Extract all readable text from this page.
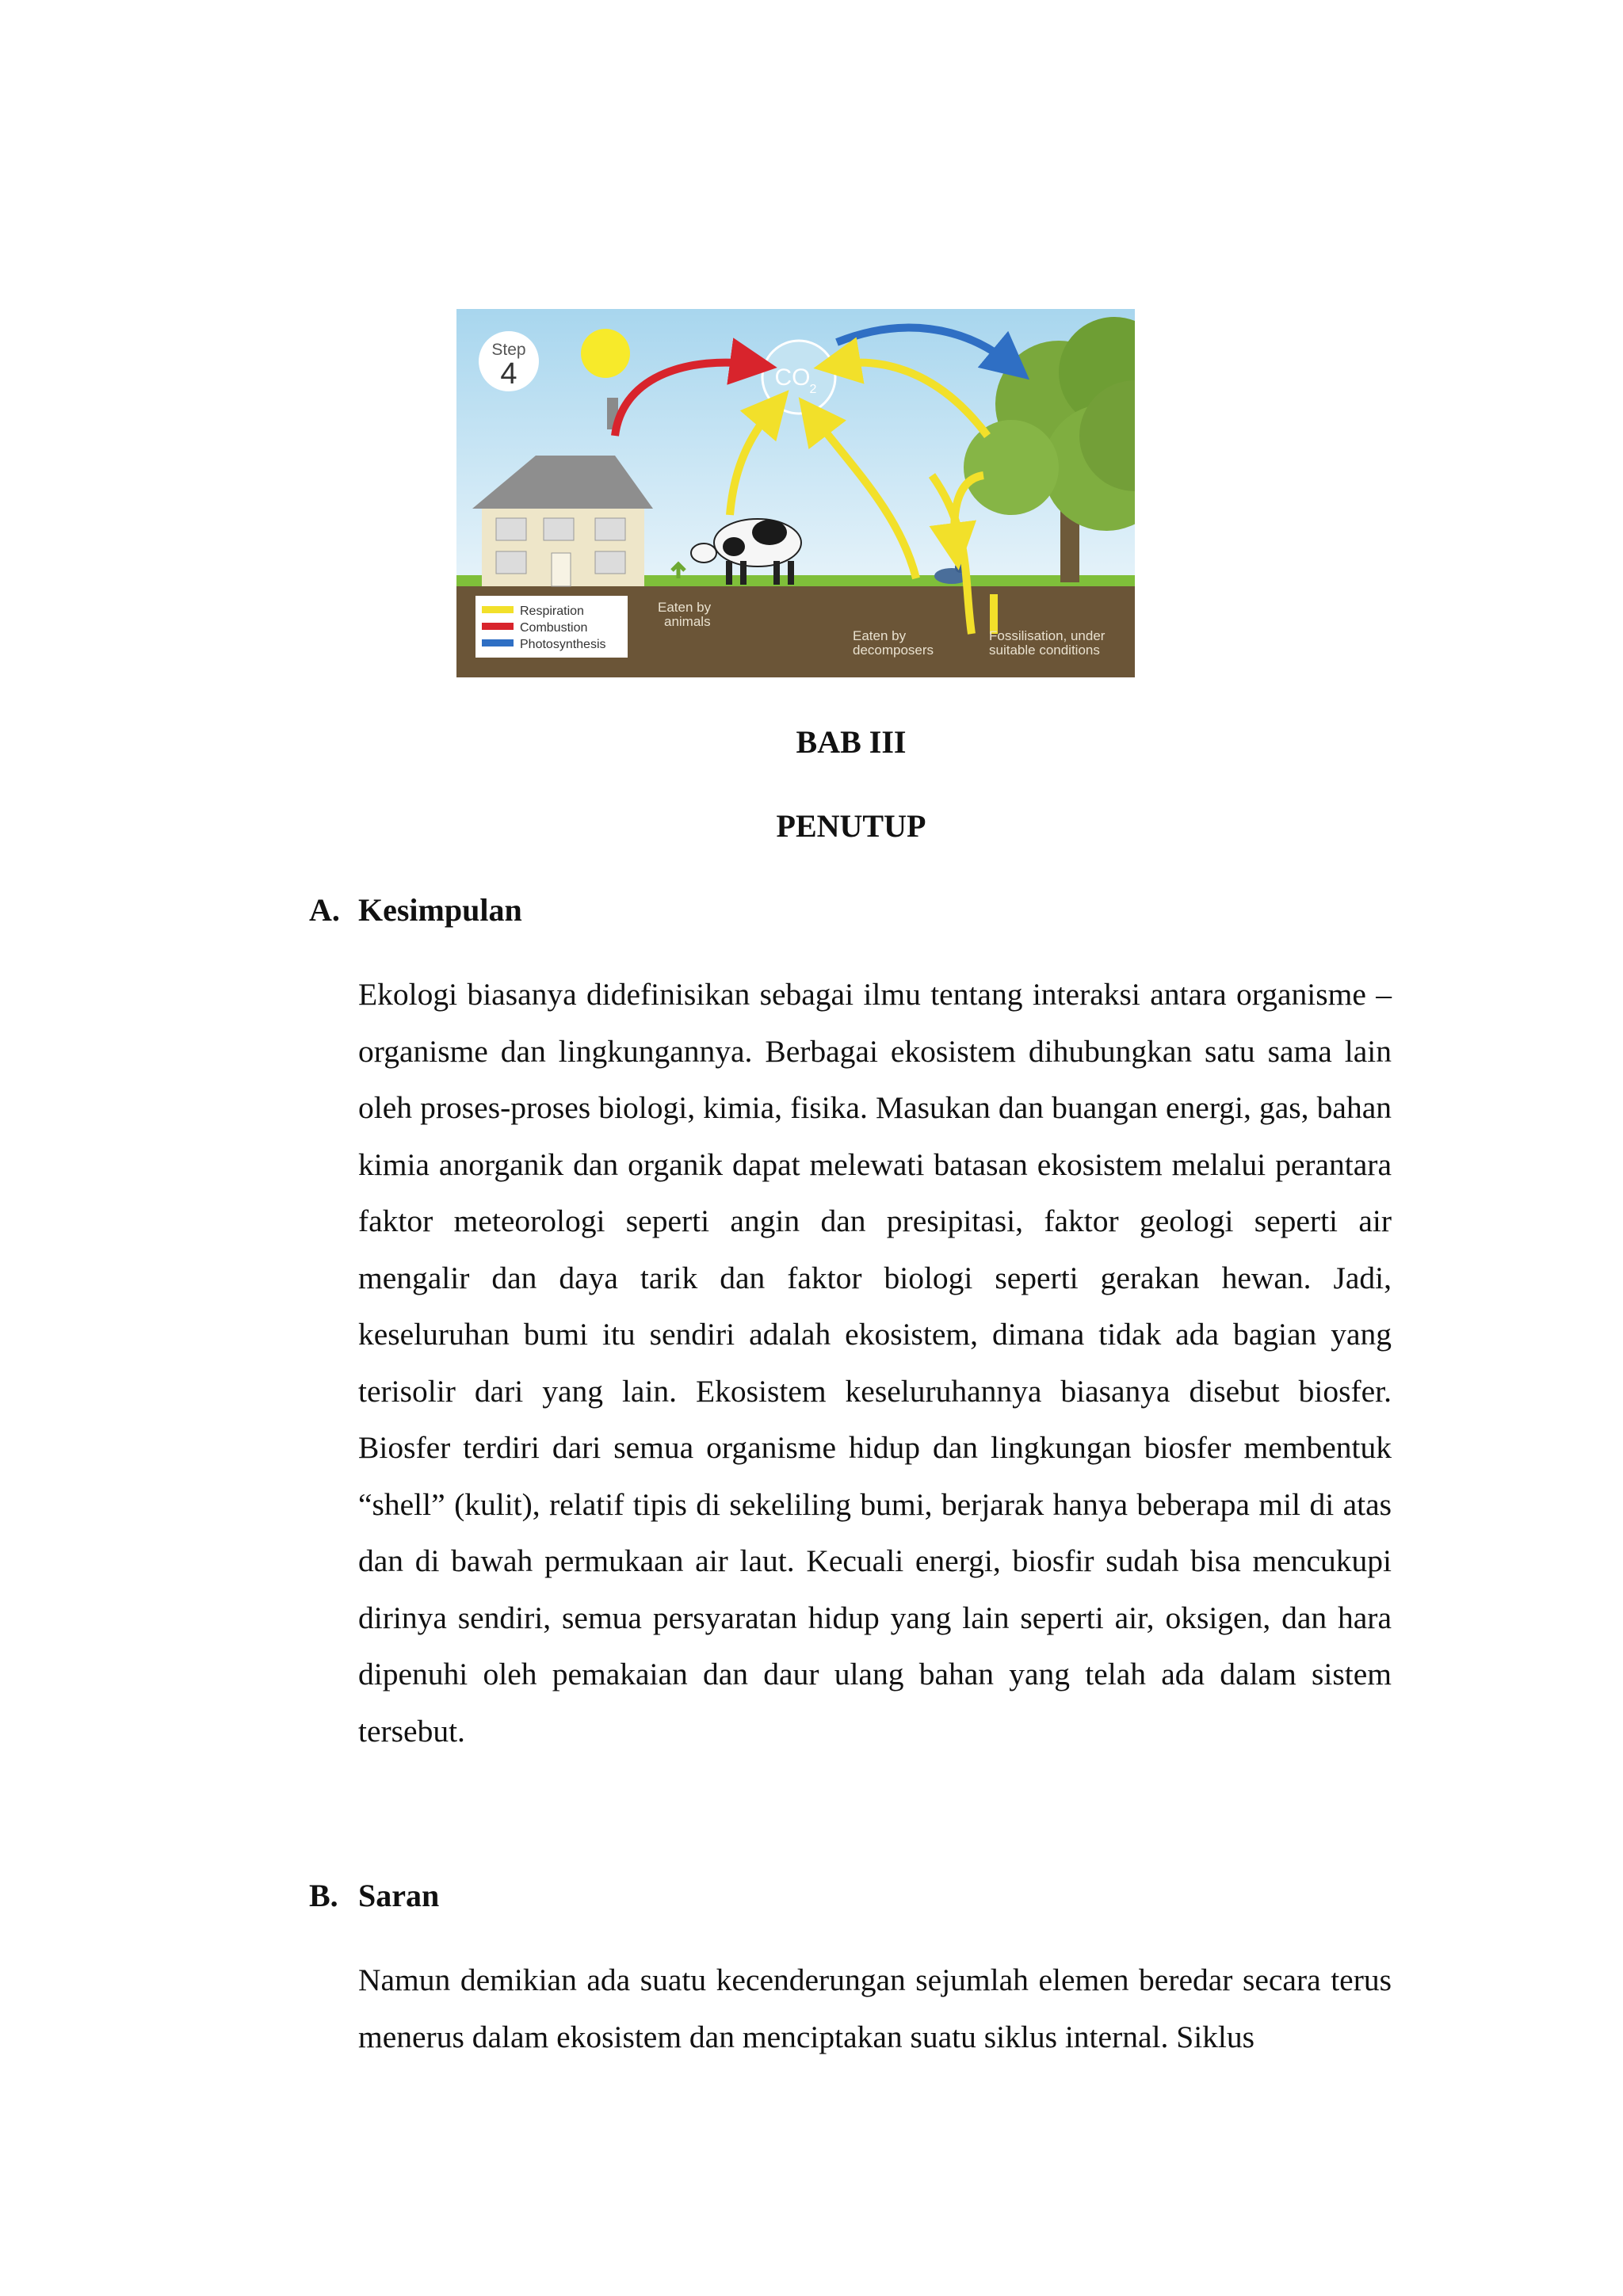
Step
4	CO 2
Respiration
Combustion
Photosynthesis
Eaten by
animals
Eaten by
decomposers
Fossilisation, under
suitable conditions
BAB III
PENUTUP
A. Kesimpulan

Ekologi biasanya didefinisikan sebagai ilmu tentang interaksi antara organisme – organisme dan lingkungannya. Berbagai ekosistem dihubungkan satu sama lain oleh proses-proses biologi, kimia, fisika. Masukan dan buangan energi, gas, bahan kimia anorganik dan organik dapat melewati batasan ekosistem melalui perantara faktor meteorologi seperti angin dan presipitasi, faktor geologi seperti air mengalir dan daya tarik dan faktor biologi seperti gerakan hewan. Jadi, keseluruhan bumi itu sendiri adalah ekosistem, dimana tidak ada bagian yang terisolir dari yang lain. Ekosistem keseluruhannya biasanya disebut biosfer. Biosfer terdiri dari semua organisme hidup dan lingkungan biosfer membentuk “shell” (kulit), relatif tipis di sekeliling bumi, berjarak hanya beberapa mil di atas dan di bawah permukaan air laut. Kecuali energi, biosfir sudah bisa mencukupi dirinya sendiri, semua persyaratan hidup yang lain seperti air, oksigen, dan hara dipenuhi oleh pemakaian dan daur ulang bahan yang telah ada dalam sistem tersebut.

B. Saran

Namun demikian ada suatu kecenderungan sejumlah elemen beredar secara terus menerus dalam ekosistem dan menciptakan suatu siklus internal. Siklus
